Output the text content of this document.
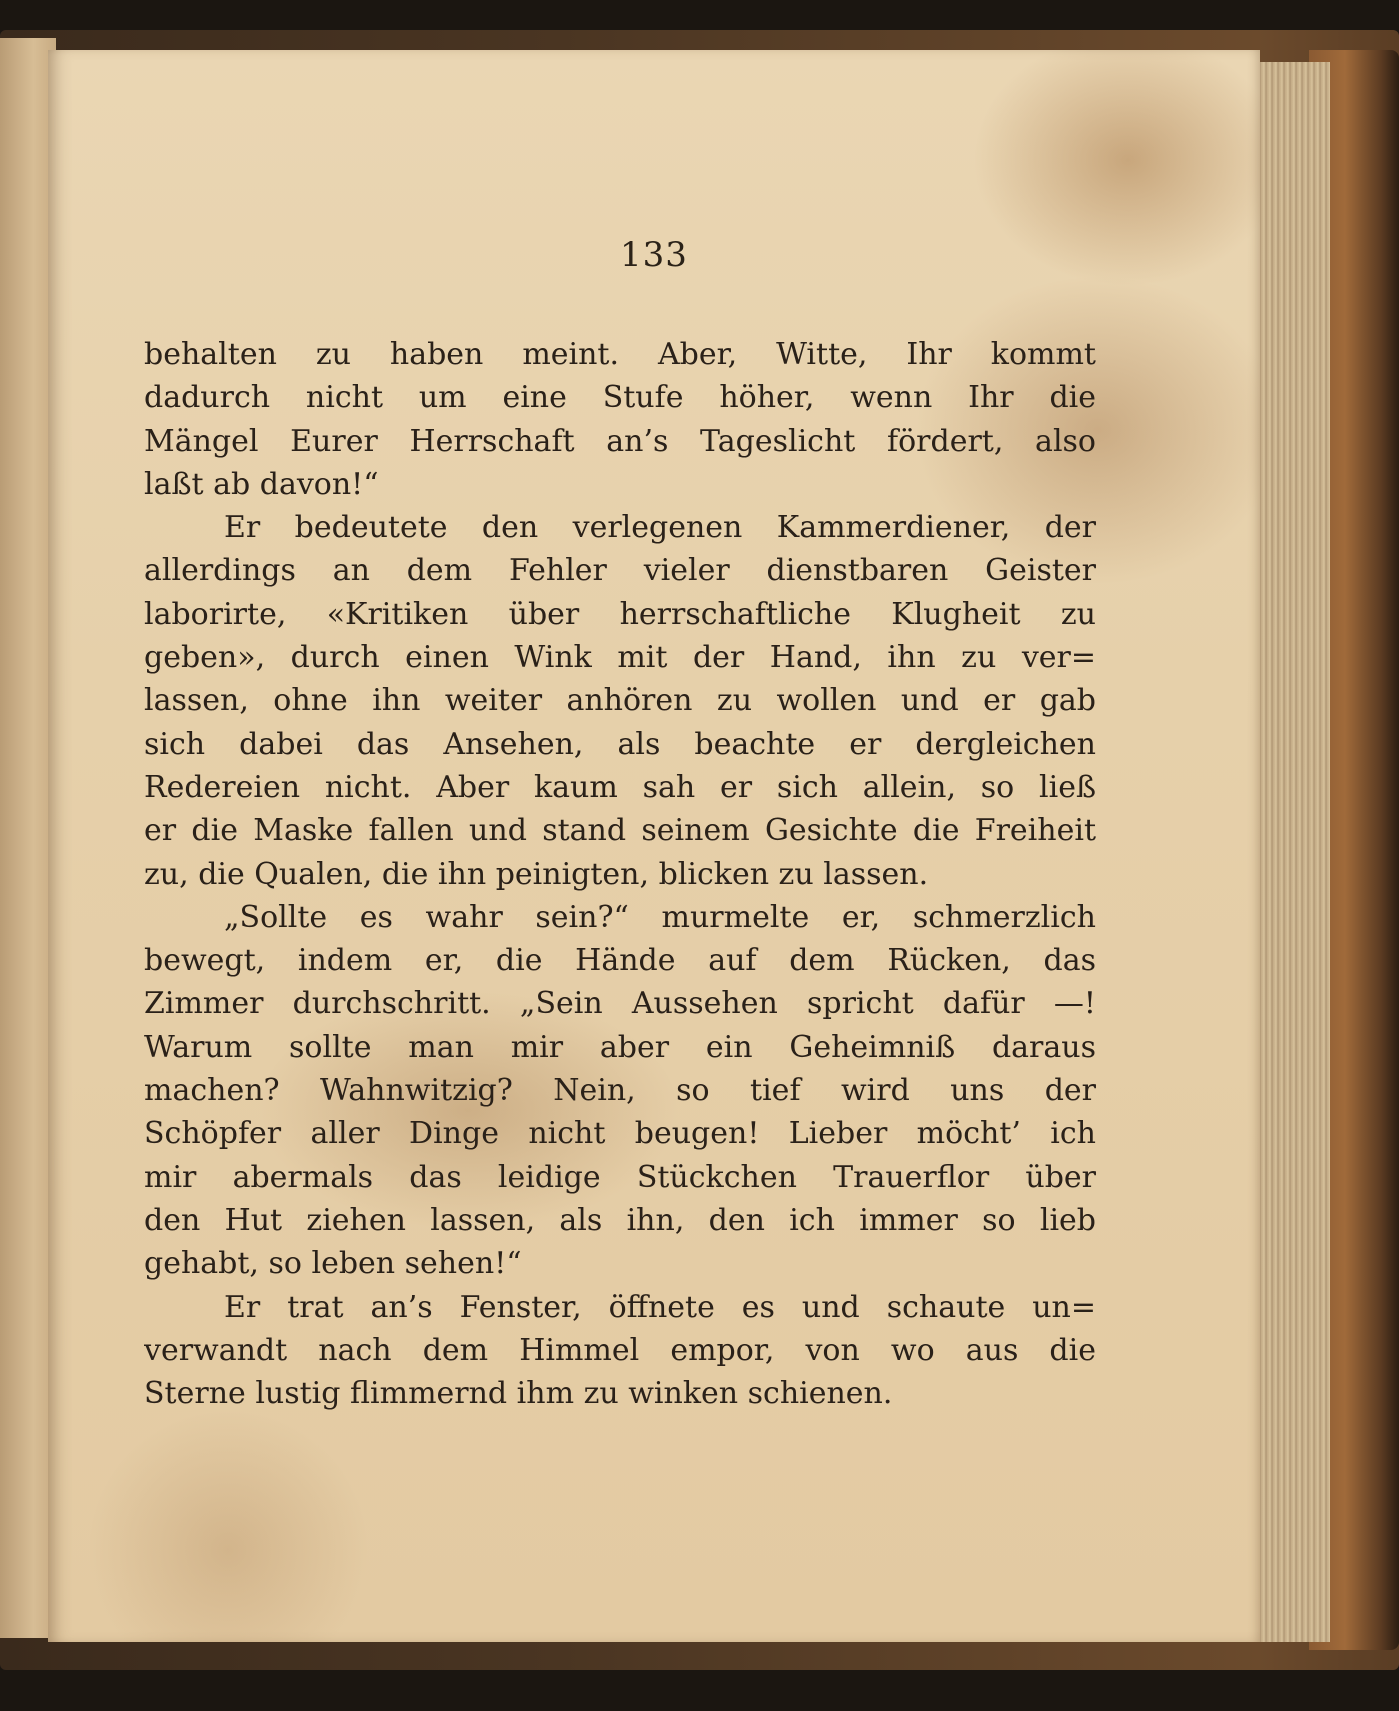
133
behalten zu haben meint. Aber, Witte, Ihr kommt
dadurch nicht um eine Stufe höher, wenn Ihr die
Mängel Eurer Herrschaft an’s Tageslicht fördert, also
laßt ab davon!“
Er bedeutete den verlegenen Kammerdiener, der
allerdings an dem Fehler vieler dienstbaren Geister
laborirte, «Kritiken über herrschaftliche Klugheit zu
geben», durch einen Wink mit der Hand, ihn zu ver=
lassen, ohne ihn weiter anhören zu wollen und er gab
sich dabei das Ansehen, als beachte er dergleichen
Redereien nicht. Aber kaum sah er sich allein, so ließ
er die Maske fallen und stand seinem Gesichte die Freiheit
zu, die Qualen, die ihn peinigten, blicken zu lassen.
„Sollte es wahr sein?“ murmelte er, schmerzlich
bewegt, indem er, die Hände auf dem Rücken, das
Zimmer durchschritt. „Sein Aussehen spricht dafür —!
Warum sollte man mir aber ein Geheimniß daraus
machen? Wahnwitzig? Nein, so tief wird uns der
Schöpfer aller Dinge nicht beugen! Lieber möcht’ ich
mir abermals das leidige Stückchen Trauerflor über
den Hut ziehen lassen, als ihn, den ich immer so lieb
gehabt, so leben sehen!“
Er trat an’s Fenster, öffnete es und schaute un=
verwandt nach dem Himmel empor, von wo aus die
Sterne lustig flimmernd ihm zu winken schienen.
